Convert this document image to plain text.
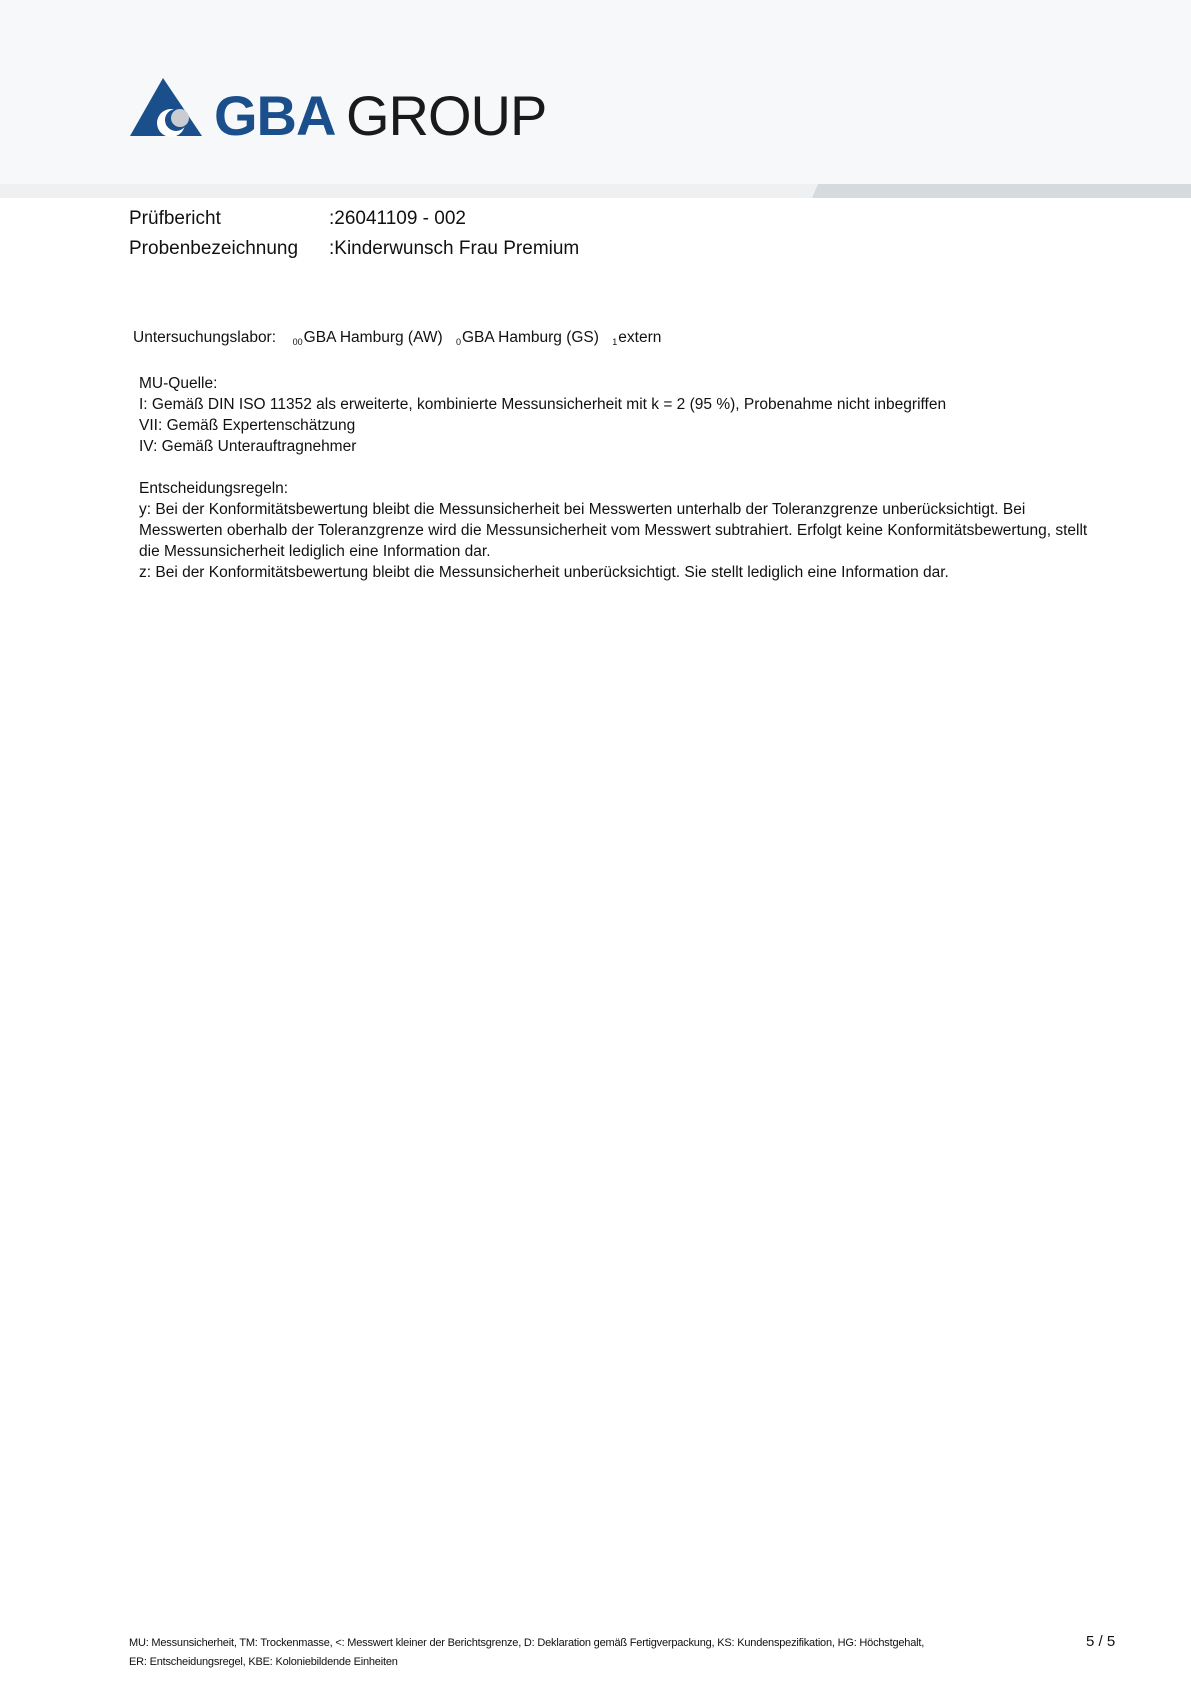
GBA GROUP
Prüfbericht	:26041109 - 002
Probenbezeichnung	:Kinderwunsch Frau Premium
Untersuchungslabor: 00GBA Hamburg (AW) 0GBA Hamburg (GS) 1extern
MU-Quelle:
I: Gemäß DIN ISO 11352 als erweiterte, kombinierte Messunsicherheit mit k = 2 (95 %), Probenahme nicht inbegriffen
VII: Gemäß Expertenschätzung
IV: Gemäß Unterauftragnehmer
Entscheidungsregeln:
y: Bei der Konformitätsbewertung bleibt die Messunsicherheit bei Messwerten unterhalb der Toleranzgrenze unberücksichtigt. Bei Messwerten oberhalb der Toleranzgrenze wird die Messunsicherheit vom Messwert subtrahiert. Erfolgt keine Konformitätsbewertung, stellt die Messunsicherheit lediglich eine Information dar.
z: Bei der Konformitätsbewertung bleibt die Messunsicherheit unberücksichtigt. Sie stellt lediglich eine Information dar.
MU: Messunsicherheit, TM: Trockenmasse, <: Messwert kleiner der Berichtsgrenze, D: Deklaration gemäß Fertigverpackung, KS: Kundenspezifikation, HG: Höchstgehalt,
ER: Entscheidungsregel, KBE: Koloniebildende Einheiten
5 / 5
